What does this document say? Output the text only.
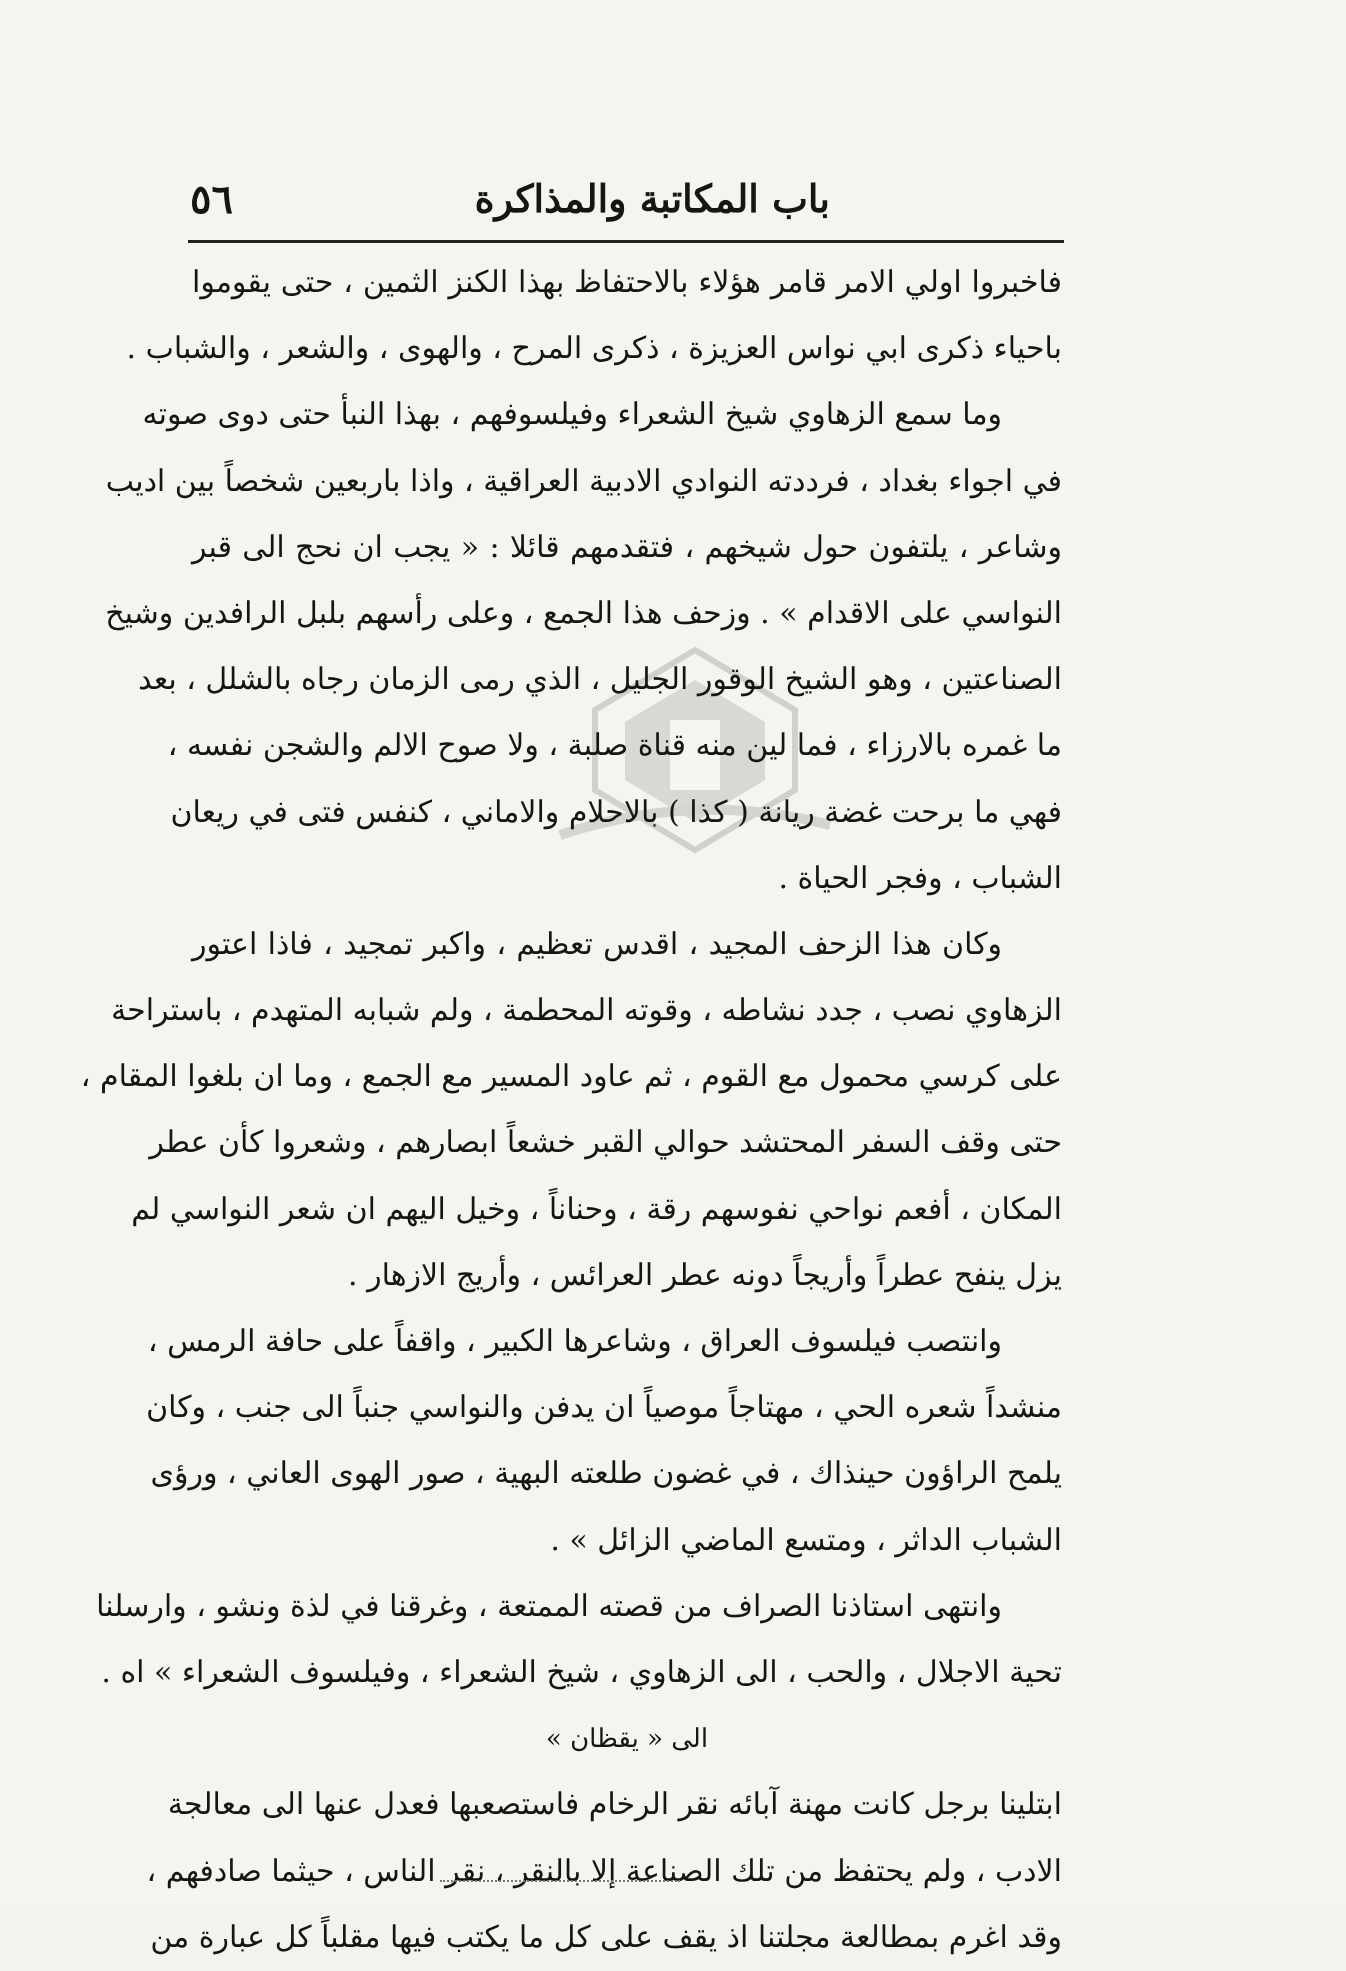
باب المكاتبة والمذاكرة
٥٦
فاخبروا اولي الامر قامر هؤلاء بالاحتفاظ بهذا الكنز الثمين ، حتى يقوموا
باحياء ذكرى ابي نواس العزيزة ، ذكرى المرح ، والهوى ، والشعر ، والشباب .
وما سمع الزهاوي شيخ الشعراء وفيلسوفهم ، بهذا النبأ حتى دوى صوته
في اجواء بغداد ، فرددته النوادي الادبية العراقية ، واذا باربعين شخصاً بين اديب
وشاعر ، يلتفون حول شيخهم ، فتقدمهم قائلا : « يجب ان نحج الى قبر
النواسي على الاقدام » . وزحف هذا الجمع ، وعلى رأسهم بلبل الرافدين وشيخ
الصناعتين ، وهو الشيخ الوقور الجليل ، الذي رمى الزمان رجاه بالشلل ، بعد
ما غمره بالارزاء ، فما لين منه قناة صلبة ، ولا صوح الالم والشجن نفسه ،
فهي ما برحت غضة ريانة ( كذا ) بالاحلام والاماني ، كنفس فتى في ريعان
الشباب ، وفجر الحياة .
وكان هذا الزحف المجيد ، اقدس تعظيم ، واكبر تمجيد ، فاذا اعتور
الزهاوي نصب ، جدد نشاطه ، وقوته المحطمة ، ولم شبابه المتهدم ، باستراحة
على كرسي محمول مع القوم ، ثم عاود المسير مع الجمع ، وما ان بلغوا المقام ،
حتى وقف السفر المحتشد حوالي القبر خشعاً ابصارهم ، وشعروا كأن عطر
المكان ، أفعم نواحي نفوسهم رقة ، وحناناً ، وخيل اليهم ان شعر النواسي لم
يزل ينفح عطراً وأريجاً دونه عطر العرائس ، وأريج الازهار .
وانتصب فيلسوف العراق ، وشاعرها الكبير ، واقفاً على حافة الرمس ،
منشداً شعره الحي ، مهتاجاً موصياً ان يدفن والنواسي جنباً الى جنب ، وكان
يلمح الراؤون حينذاك ، في غضون طلعته البهية ، صور الهوى العاني ، ورؤى
الشباب الداثر ، ومتسع الماضي الزائل » .
وانتهى استاذنا الصراف من قصته الممتعة ، وغرقنا في لذة ونشو ، وارسلنا
تحية الاجلال ، والحب ، الى الزهاوي ، شيخ الشعراء ، وفيلسوف الشعراء » اه .
الى « يقظان »
ابتلينا برجل كانت مهنة آبائه نقر الرخام فاستصعبها فعدل عنها الى معالجة
الادب ، ولم يحتفظ من تلك الصناعة إلا بالنقر ، نقر الناس ، حيثما صادفهم ،
وقد اغرم بمطالعة مجلتنا اذ يقف على كل ما يكتب فيها مقلباً كل عبارة من
